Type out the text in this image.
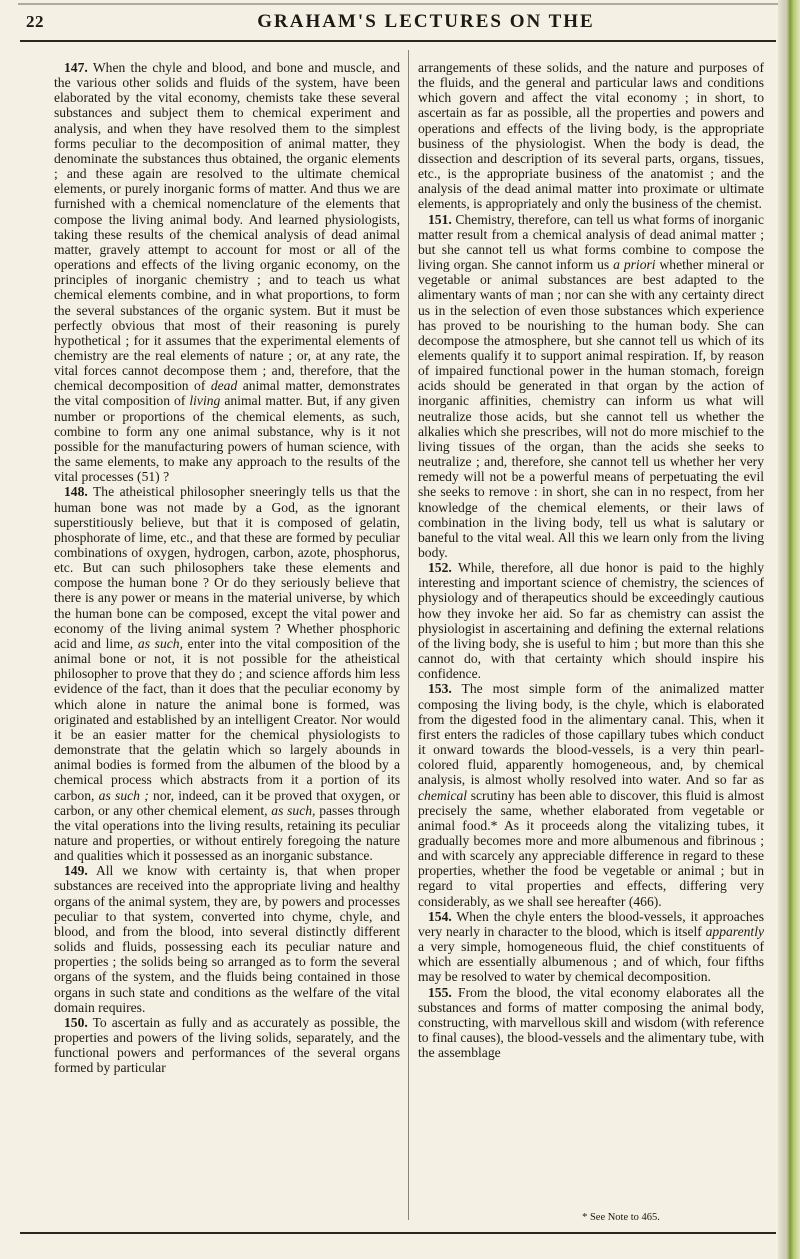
22	GRAHAM'S LECTURES ON THE

147. When the chyle and blood, and bone and muscle, and the various other solids and fluids of the system, have been elaborated by the vital economy, chemists take these several substances and subject them to chemical experiment and analysis, and when they have resolved them to the simplest forms peculiar to the decomposition of animal matter, they denominate the substances thus obtained, the organic elements ; and these again are resolved to the ultimate chemical elements, or purely inorganic forms of matter. And thus we are furnished with a chemical nomenclature of the elements that compose the living animal body. And learned physiologists, taking these results of the chemical analysis of dead animal matter, gravely attempt to account for most or all of the operations and effects of the living organic economy, on the principles of inorganic chemistry ; and to teach us what chemical elements combine, and in what proportions, to form the several substances of the organic system. But it must be perfectly obvious that most of their reasoning is purely hypothetical ; for it assumes that the experimental elements of chemistry are the real elements of nature ; or, at any rate, the vital forces cannot decompose them ; and, therefore, that the chemical decomposition of dead animal matter, demonstrates the vital composition of living animal matter. But, if any given number or proportions of the chemical elements, as such, combine to form any one animal substance, why is it not possible for the manufacturing powers of human science, with the same elements, to make any approach to the results of the vital processes (51) ?

148. The atheistical philosopher sneeringly tells us that the human bone was not made by a God, as the ignorant superstitiously believe, but that it is composed of gelatin, phosphorate of lime, etc., and that these are formed by peculiar combinations of oxygen, hydrogen, carbon, azote, phosphorus, etc. But can such philosophers take these elements and compose the human bone ? Or do they seriously believe that there is any power or means in the material universe, by which the human bone can be composed, except the vital power and economy of the living animal system ? Whether phosphoric acid and lime, as such, enter into the vital composition of the animal bone or not, it is not possible for the atheistical philosopher to prove that they do ; and science affords him less evidence of the fact, than it does that the peculiar economy by which alone in nature the animal bone is formed, was originated and established by an intelligent Creator. Nor would it be an easier matter for the chemical physiologists to demonstrate that the gelatin which so largely abounds in animal bodies is formed from the albumen of the blood by a chemical process which abstracts from it a portion of its carbon, as such ; nor, indeed, can it be proved that oxygen, or carbon, or any other chemical element, as such, passes through the vital operations into the living results, retaining its peculiar nature and properties, or without entirely foregoing the nature and qualities which it possessed as an inorganic substance.

149. All we know with certainty is, that when proper substances are received into the appropriate living and healthy organs of the animal system, they are, by powers and processes peculiar to that system, converted into chyme, chyle, and blood, and from the blood, into several distinctly different solids and fluids, possessing each its peculiar nature and properties ; the solids being so arranged as to form the several organs of the system, and the fluids being contained in those organs in such state and conditions as the welfare of the vital domain requires.

150. To ascertain as fully and as accurately as possible, the properties and powers of the living solids, separately, and the functional powers and performances of the several organs formed by particular

arrangements of these solids, and the nature and purposes of the fluids, and the general and particular laws and conditions which govern and affect the vital economy ; in short, to ascertain as far as possible, all the properties and powers and operations and effects of the living body, is the appropriate business of the physiologist. When the body is dead, the dissection and description of its several parts, organs, tissues, etc., is the appropriate business of the anatomist ; and the analysis of the dead animal matter into proximate or ultimate elements, is appropriately and only the business of the chemist.

151. Chemistry, therefore, can tell us what forms of inorganic matter result from a chemical analysis of dead animal matter ; but she cannot tell us what forms combine to compose the living organ. She cannot inform us a priori whether mineral or vegetable or animal substances are best adapted to the alimentary wants of man ; nor can she with any certainty direct us in the selection of even those substances which experience has proved to be nourishing to the human body. She can decompose the atmosphere, but she cannot tell us which of its elements qualify it to support animal respiration. If, by reason of impaired functional power in the human stomach, foreign acids should be generated in that organ by the action of inorganic affinities, chemistry can inform us what will neutralize those acids, but she cannot tell us whether the alkalies which she prescribes, will not do more mischief to the living tissues of the organ, than the acids she seeks to neutralize ; and, therefore, she cannot tell us whether her very remedy will not be a powerful means of perpetuating the evil she seeks to remove : in short, she can in no respect, from her knowledge of the chemical elements, or their laws of combination in the living body, tell us what is salutary or baneful to the vital weal. All this we learn only from the living body.

152. While, therefore, all due honor is paid to the highly interesting and important science of chemistry, the sciences of physiology and of therapeutics should be exceedingly cautious how they invoke her aid. So far as chemistry can assist the physiologist in ascertaining and defining the external relations of the living body, she is useful to him ; but more than this she cannot do, with that certainty which should inspire his confidence.

153. The most simple form of the animalized matter composing the living body, is the chyle, which is elaborated from the digested food in the alimentary canal. This, when it first enters the radicles of those capillary tubes which conduct it onward towards the blood-vessels, is a very thin pearl-colored fluid, apparently homogeneous, and, by chemical analysis, is almost wholly resolved into water. And so far as chemical scrutiny has been able to discover, this fluid is almost precisely the same, whether elaborated from vegetable or animal food.* As it proceeds along the vitalizing tubes, it gradually becomes more and more albumenous and fibrinous ; and with scarcely any appreciable difference in regard to these properties, whether the food be vegetable or animal ; but in regard to vital properties and effects, differing very considerably, as we shall see hereafter (466).

154. When the chyle enters the blood-vessels, it approaches very nearly in character to the blood, which is itself apparently a very simple, homogeneous fluid, the chief constituents of which are essentially albumenous ; and of which, four fifths may be resolved to water by chemical decomposition.

155. From the blood, the vital economy elaborates all the substances and forms of matter composing the animal body, constructing, with marvellous skill and wisdom (with reference to final causes), the blood-vessels and the alimentary tube, with the assemblage

* See Note to 465.
